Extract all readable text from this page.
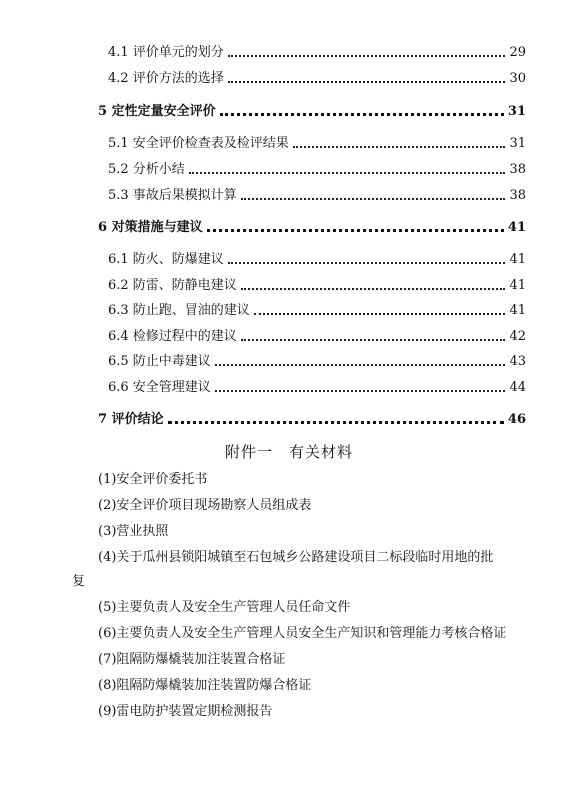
4.1 评价单元的划分	29
4.2 评价方法的选择	30
5 定性定量安全评价	31
5.1 安全评价检查表及检评结果	31
5.2 分析小结	38
5.3 事故后果模拟计算	38
6 对策措施与建议	41
6.1 防火、防爆建议	41
6.2 防雷、防静电建议	41
6.3 防止跑、冒油的建议	41
6.4 检修过程中的建议	42
6.5 防止中毒建议	43
6.6 安全管理建议	44
7 评价结论	46
附件一　有关材料
(1)安全评价委托书
(2)安全评价项目现场勘察人员组成表
(3)营业执照
(4)关于瓜州县锁阳城镇至石包城乡公路建设项目二标段临时用地的批
复
(5)主要负责人及安全生产管理人员任命文件
(6)主要负责人及安全生产管理人员安全生产知识和管理能力考核合格证
(7)阻隔防爆橇装加注装置合格证
(8)阻隔防爆橇装加注装置防爆合格证
(9)雷电防护装置定期检测报告
